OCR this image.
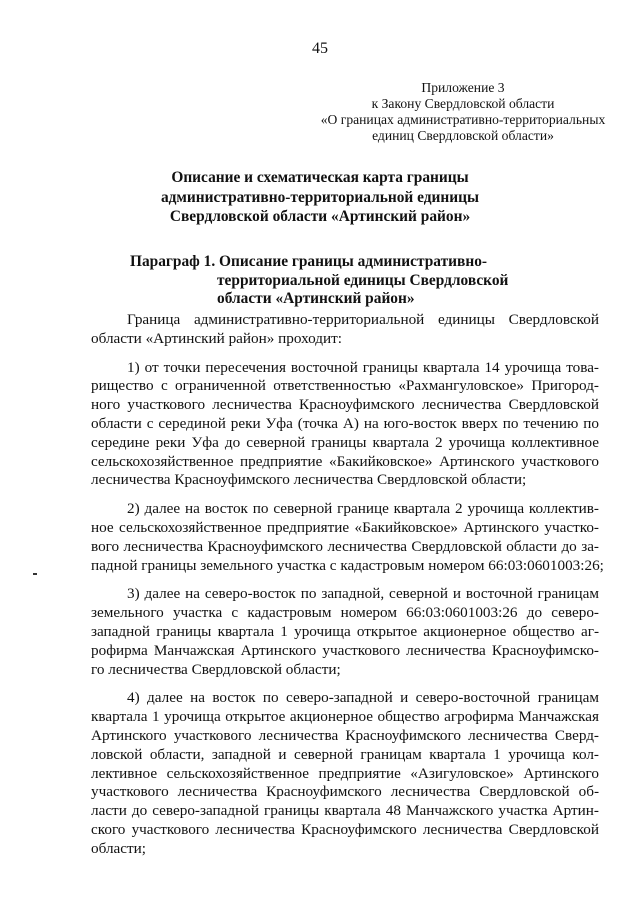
45
Приложение 3
к Закону Свердловской области
«О границах административно-территориальных
единиц Свердловской области»
Описание и схематическая карта границы
административно-территориальной единицы
Свердловской области «Артинский район»
Параграф 1. Описание границы административно-
территориальной единицы Свердловской
области «Артинский район»
Граница административно-территориальной единицы Свердловской
области «Артинский район» проходит:
1) от точки пересечения восточной границы квартала 14 урочища това-
рищество с ограниченной ответственностью «Рахмангуловское» Пригород-
ного участкового лесничества Красноуфимского лесничества Свердловской
области с серединой реки Уфа (точка А) на юго-восток вверх по течению по
середине реки Уфа до северной границы квартала 2 урочища коллективное
сельскохозяйственное предприятие «Бакийковское» Артинского участкового
лесничества Красноуфимского лесничества Свердловской области;
2) далее на восток по северной границе квартала 2 урочища коллектив-
ное сельскохозяйственное предприятие «Бакийковское» Артинского участко-
вого лесничества Красноуфимского лесничества Свердловской области до за-
падной границы земельного участка с кадастровым номером 66:03:0601003:26;
3) далее на северо-восток по западной, северной и восточной границам
земельного участка с кадастровым номером 66:03:0601003:26 до северо-
западной границы квартала 1 урочища открытое акционерное общество аг-
рофирма Манчажская Артинского участкового лесничества Красноуфимско-
го лесничества Свердловской области;
4) далее на восток по северо-западной и северо-восточной границам
квартала 1 урочища открытое акционерное общество агрофирма Манчажская
Артинского участкового лесничества Красноуфимского лесничества Сверд-
ловской области, западной и северной границам квартала 1 урочища кол-
лективное сельскохозяйственное предприятие «Азигуловское» Артинского
участкового лесничества Красноуфимского лесничества Свердловской об-
ласти до северо-западной границы квартала 48 Манчажского участка Артин-
ского участкового лесничества Красноуфимского лесничества Свердловской
области;
